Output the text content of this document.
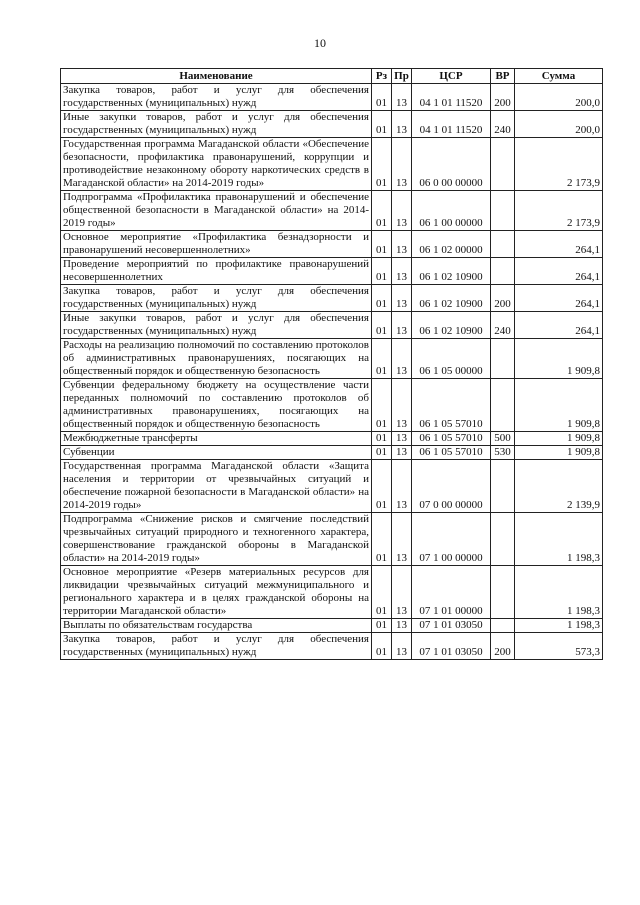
10
Наименование	Рз	Пр	ЦСР	ВР	Сумма
Закупка товаров, работ и услуг для обеспечения государственных (муниципальных) нужд	01	13	04 1 01 11520	200	200,0
Иные закупки товаров, работ и услуг для обеспечения государственных (муниципальных) нужд	01	13	04 1 01 11520	240	200,0
Государственная программа Магаданской области «Обеспечение безопасности, профилактика правонарушений, коррупции и противодействие незаконному обороту наркотических средств в Магаданской области» на 2014-2019 годы»	01	13	06 0 00 00000		2 173,9
Подпрограмма «Профилактика правонарушений и обеспечение общественной безопасности в Магаданской области» на 2014-2019 годы»	01	13	06 1 00 00000		2 173,9
Основное мероприятие «Профилактика безнадзорности и правонарушений несовершеннолетних»	01	13	06 1 02 00000		264,1
Проведение мероприятий по профилактике правонарушений несовершеннолетних	01	13	06 1 02 10900		264,1
Закупка товаров, работ и услуг для обеспечения государственных (муниципальных) нужд	01	13	06 1 02 10900	200	264,1
Иные закупки товаров, работ и услуг для обеспечения государственных (муниципальных) нужд	01	13	06 1 02 10900	240	264,1
Расходы на реализацию полномочий по составлению протоколов об административных правонарушениях, посягающих на общественный порядок и общественную безопасность	01	13	06 1 05 00000		1 909,8
Субвенции федеральному бюджету на осуществление части переданных полномочий по составлению протоколов об административных правонарушениях, посягающих на общественный порядок и общественную безопасность	01	13	06 1 05 57010		1 909,8
Межбюджетные трансферты	01	13	06 1 05 57010	500	1 909,8
Субвенции	01	13	06 1 05 57010	530	1 909,8
Государственная программа Магаданской области «Защита населения и территории от чрезвычайных ситуаций и обеспечение пожарной безопасности в Магаданской области» на 2014-2019 годы»	01	13	07 0 00 00000		2 139,9
Подпрограмма «Снижение рисков и смягчение последствий чрезвычайных ситуаций природного и техногенного характера, совершенствование гражданской обороны в Магаданской области» на 2014-2019 годы»	01	13	07 1 00 00000		1 198,3
Основное мероприятие «Резерв материальных ресурсов для ликвидации чрезвычайных ситуаций межмуниципального и регионального характера и в целях гражданской обороны на территории Магаданской области»	01	13	07 1 01 00000		1 198,3
Выплаты по обязательствам государства	01	13	07 1 01 03050		1 198,3
Закупка товаров, работ и услуг для обеспечения государственных (муниципальных) нужд	01	13	07 1 01 03050	200	573,3
